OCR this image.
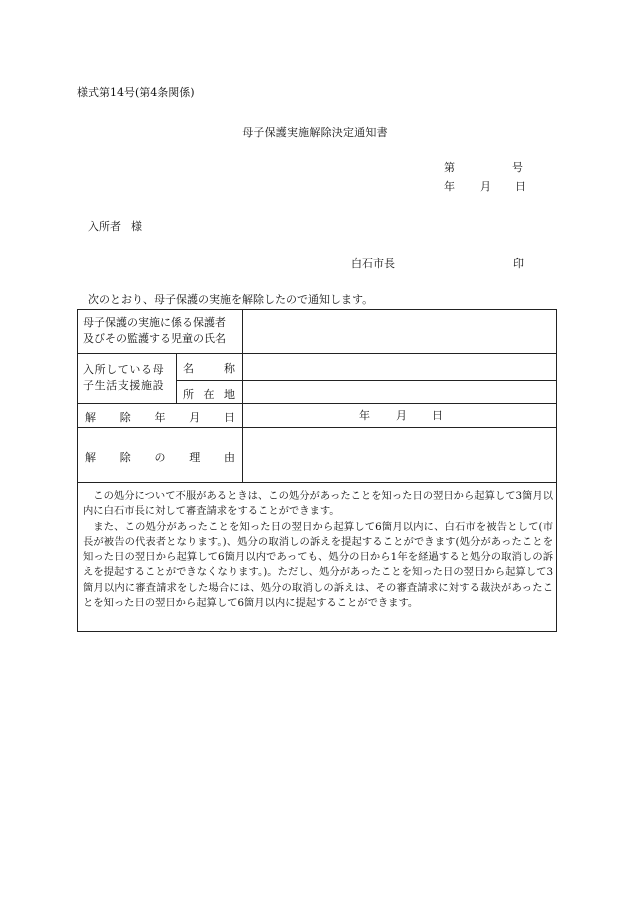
様式第14号(第4条関係)
母子保護実施解除決定通知書
第	号
年 月 日
入所者 様
白石市長	印
次のとおり、母子保護の実施を解除したので通知します。
母子保護の実施に係る保護者
及びその監護する児童の氏名
入所している母
子生活支援施設
名	称
所 在 地
解 除 年 月 日	年 月 日
解 除 の 理 由

この処分について不服があるときは、この処分があったことを知った日の翌日から起算して3箇月以内に白石市長に対して審査請求をすることができます。

また、この処分があったことを知った日の翌日から起算して6箇月以内に、白石市を被告として(市長が被告の代表者となります。)、処分の取消しの訴えを提起することができます(処分があったことを知った日の翌日から起算して6箇月以内であっても、処分の日から1年を経過すると処分の取消しの訴えを提起することができなくなります。)。ただし、処分があったことを知った日の翌日から起算して3箇月以内に審査請求をした場合には、処分の取消しの訴えは、その審査請求に対する裁決があったことを知った日の翌日から起算して6箇月以内に提起することができます。
